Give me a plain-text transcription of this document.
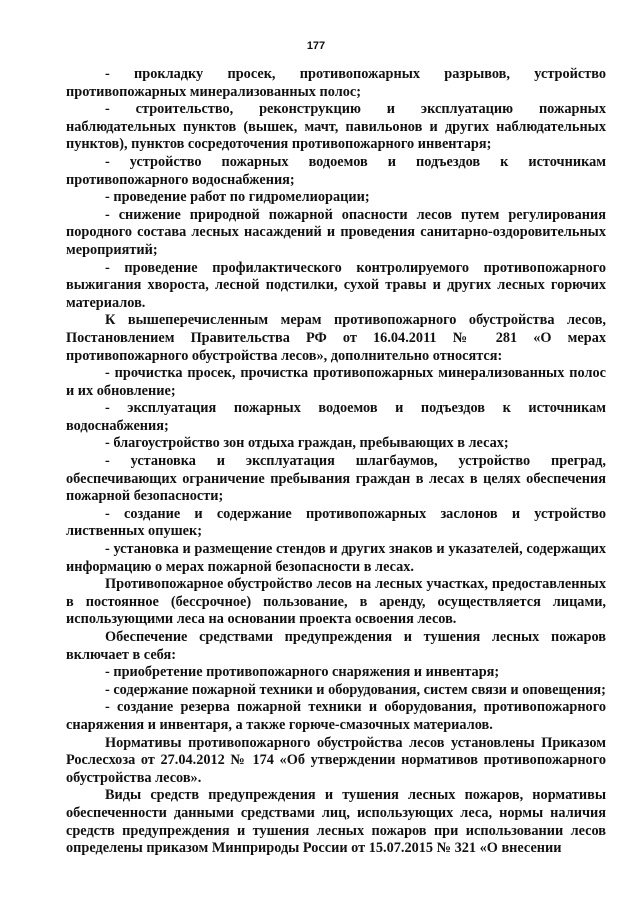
177

- прокладку просек, противопожарных разрывов, устройство противопожарных минерализованных полос;

- строительство, реконструкцию и эксплуатацию пожарных наблюдательных пунктов (вышек, мачт, павильонов и других наблюдательных пунктов), пунктов сосредоточения противопожарного инвентаря;

- устройство пожарных водоемов и подъездов к источникам противопожарного водоснабжения;

- проведение работ по гидромелиорации;

- снижение природной пожарной опасности лесов путем регулирования породного состава лесных насаждений и проведения санитарно-оздоровительных мероприятий;

- проведение профилактического контролируемого противопожарного выжигания хвороста, лесной подстилки, сухой травы и других лесных горючих материалов.

К вышеперечисленным мерам противопожарного обустройства лесов, Постановлением Правительства РФ от 16.04.2011 № 281 «О мерах противопожарного обустройства лесов», дополнительно относятся:

- прочистка просек, прочистка противопожарных минерализованных полос и их обновление;

- эксплуатация пожарных водоемов и подъездов к источникам водоснабжения;

- благоустройство зон отдыха граждан, пребывающих в лесах;

- установка и эксплуатация шлагбаумов, устройство преград, обеспечивающих ограничение пребывания граждан в лесах в целях обеспечения пожарной безопасности;

- создание и содержание противопожарных заслонов и устройство лиственных опушек;

- установка и размещение стендов и других знаков и указателей, содержащих информацию о мерах пожарной безопасности в лесах.

Противопожарное обустройство лесов на лесных участках, предоставленных в постоянное (бессрочное) пользование, в аренду, осуществляется лицами, использующими леса на основании проекта освоения лесов.

Обеспечение средствами предупреждения и тушения лесных пожаров включает в себя:

- приобретение противопожарного снаряжения и инвентаря;

- содержание пожарной техники и оборудования, систем связи и оповещения;

- создание резерва пожарной техники и оборудования, противопожарного снаряжения и инвентаря, а также горюче-смазочных материалов.

Нормативы противопожарного обустройства лесов установлены Приказом Рослесхоза от 27.04.2012 № 174 «Об утверждении нормативов противопожарного обустройства лесов».

Виды средств предупреждения и тушения лесных пожаров, нормативы обеспеченности данными средствами лиц, использующих леса, нормы наличия средств предупреждения и тушения лесных пожаров при использовании лесов определены приказом Минприроды России от 15.07.2015 № 321 «О внесении
